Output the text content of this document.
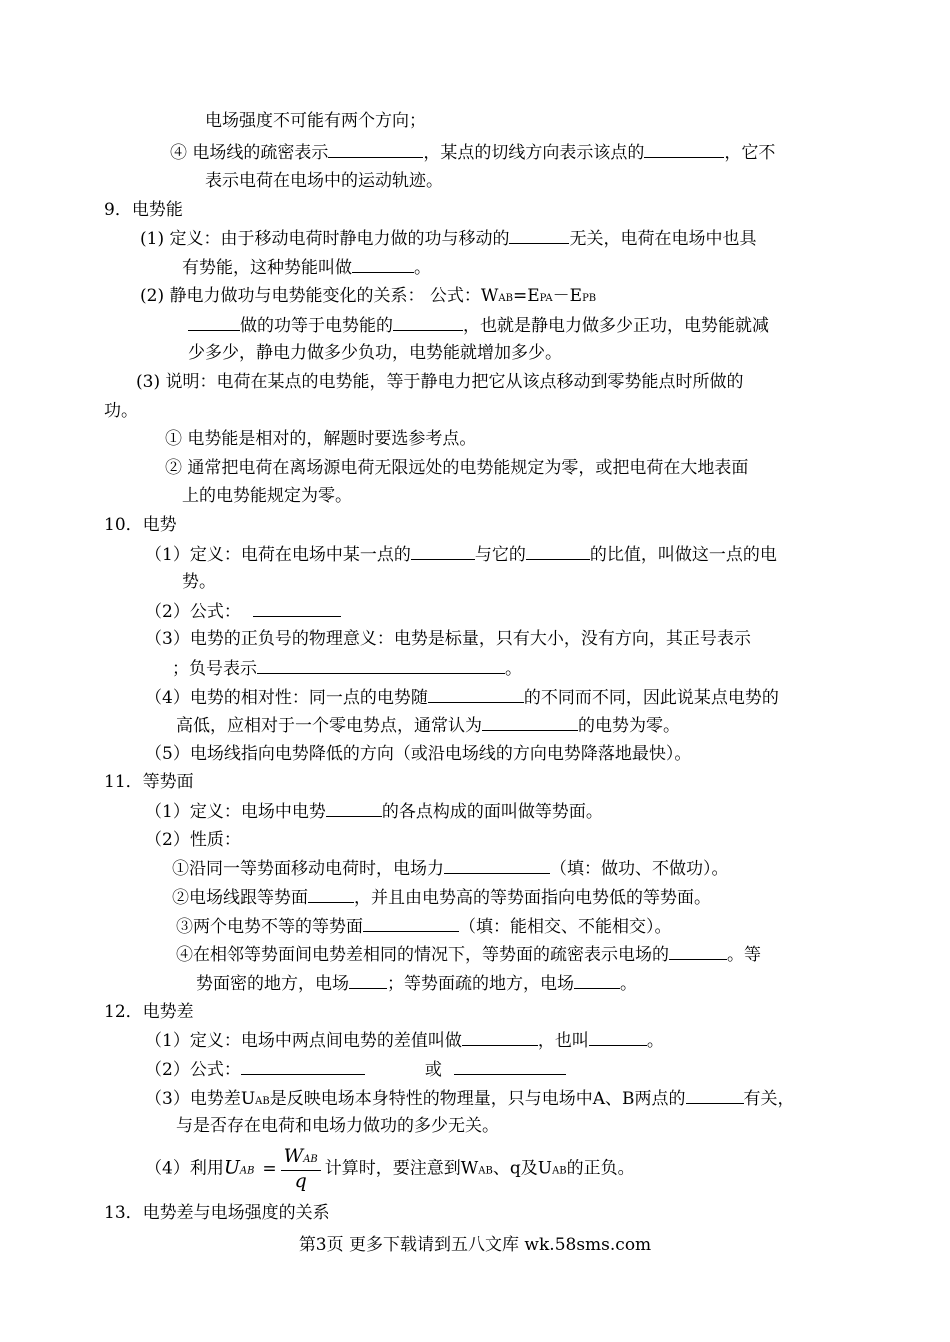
电场强度不可能有两个方向；
④ 电场线的疏密表示	，某点的切线方向表示该点的	，它不
表示电荷在电场中的运动轨迹。
9．电势能
(1) 定义：由于移动电荷时静电力做的功与移动的	无关，电荷在电场中也具
有势能，这种势能叫做	。
(2) 静电力做功与电势能变化的关系： 公式：WAB=EPA－EPB
做的功等于电势能的	，也就是静电力做多少正功，电势能就减
少多少，静电力做多少负功，电势能就增加多少。
(3) 说明：电荷在某点的电势能，等于静电力把它从该点移动到零势能点时所做的
功。
① 电势能是相对的，解题时要选参考点。
② 通常把电荷在离场源电荷无限远处的电势能规定为零，或把电荷在大地表面
上的电势能规定为零。
10．电势
（1）定义：电荷在电场中某一点的	与它的	的比值，叫做这一点的电
势。
（2）公式：
（3）电势的正负号的物理意义：电势是标量，只有大小，没有方向，其正号表示
；负号表示	。
（4）电势的相对性：同一点的电势随	的不同而不同，因此说某点电势的
高低，应相对于一个零电势点，通常认为	的电势为零。
（5）电场线指向电势降低的方向（或沿电场线的方向电势降落地最快）。
11．等势面
（1）定义：电场中电势	的各点构成的面叫做等势面。
（2）性质：
①沿同一等势面移动电荷时，电场力	（填：做功、不做功）。
②电场线跟等势面	，并且由电势高的等势面指向电势低的等势面。
③两个电势不等的等势面	（填：能相交、不能相交）。
④在相邻等势面间电势差相同的情况下，等势面的疏密表示电场的	。等
势面密的地方，电场 ；等势面疏的地方，电场	。
12．电势差
（1）定义：电场中两点间电势的差值叫做	，也叫	。
（2）公式：	或
（3）电势差UAB是反映电场本身特性的物理量，只与电场中A、B两点的	有关，
与是否存在电荷和电场力做功的多少无关。
（4）利用UAB = $\frac{\text{WAB}}{q}$ 计算时，要注意到WAB、q及UAB的正负。
13．电势差与电场强度的关系
第3页 更多下载请到五八文库 wk.58sms.com
